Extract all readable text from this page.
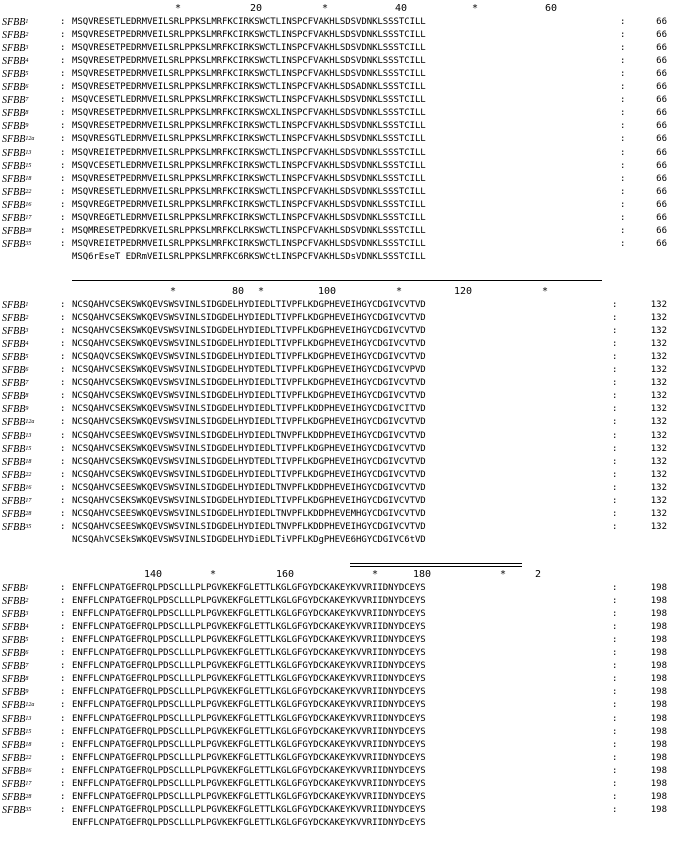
*	20	*	40	*	60
SFBB$^1$	: MSQVRESETLEDRMVEILSRLPPKSLMRFKCIRKSWCTLINSPCFVAKHLSDSVDNKLSSSTCILL	:	66
SFBB$^2$	: MSQVRESETPEDRMVEILSRLPPKSLMRFKCIRKSWCTLINSPCFVAKHLSDSVDNKLSSSTCILL	:	66
SFBB$^3$	: MSQVRESETPEDRMVEILSRLPPKSLMRFKCIRKSWCTLINSPCFVAKHLSDSVDNKLSSSTCILL	:	66
SFBB$^4$	: MSQVRESETPEDRMVEILSRLPPKSLMRFKCIRKSWCTLINSPCFVAKHLSDSVDNKLSSSTCILL	:	66
SFBB$^5$	: MSQVRESETPEDRMVEILSRLPPKSLMRFKCIRKSWCTLINSPCFVAKHLSDSVDNKLSSSTCILL	:	66
SFBB$^6$	: MSQVRESETPEDRMVEILSRLPPKSLMRFKCIRKSWCTLINSPCFVAKHLSDSADNKLSSSTCILL	:	66
SFBB$^7$	: MSQVCESETLEDRMVEILSRLPPKSLMRFKCIRKSWCTLINSPCFVAKHLSDSVDNKLSSSTCILL	:	66
SFBB$^8$	: MSQVRESETPEDRMVEILSRLPPKSLMRFKCIRKSWCXLINSPCFVAKHLSDSVDNKLSSSTCILL	:	66
SFBB$^9$	: MSQVRESETPEDRMVEILSRLPPKSLMRFKCIRKSWCTLINSPCFVAKHLSDSVDNKLSSSTCILL	:	66
$SFBB^{12a}$	: MSQVRESGTLEDRMVEILSRLPPKSLMRFKCIRKSWCTLINSPCFVAKHLSDSVDNKLSSSTCILL	:	66
SFBB$^{13}$	: MSQVREIETPEDRMVEILSRLPPKSLMRFKCIRKSWCTLINSPCFVAKHLSDSVDNKLSSSTCILL	:	66
SFBB$^{15}$	: MSQVCESETLEDRMVEILSRLPPKSLMRFKCIRKSWCTLINSPCFVAKHLSDSVDNKLSSSTCILL	:	66
SFBB$^{18}$	: MSQVRESETPEDRMVEILSRLPPKSLMRFKCIRKSWCTLINSPCFVAKHLSDSVDNKLSSSTCILL	:	66
SFBB$^{22}$	: MSQVRESETLEDRMVEILSRLPPKSLMRFKCIRKSWCTLINSPCFVAKHLSDSVDNKLSSSTCILL	:	66
SFBB$^{16}$	: MSQVREGETPEDRMVEILSRLPPKSLMRFKCIRKSWCTLINSPCFVAKHLSDSVDNKLSSSTCILL	:	66
SFBB$^{17}$	: MSQVREGETLEDRMVEILSRLPPKSLMRFKCIRKSWCTLINSPCFVAKHLSDSVDNKLSSSTCILL	:	66
SFBB$^{28}$	: MSQMRESETPEDRKVEILSRLPPKSLMRFKCLRKSWCTLINSPCFVAKHLSDSVDNKLSSSTCILL	:	66
SFBB$^{35}$	: MSQVREIETPEDRMVEILSRLPPKSLMRFKCIRKSWCTLINSPCFVAKHLSDSVDNKLSSSTCILL	:	66
MSQ6rEseT EDRmVEILSRLPPKSLMRFKC6RKSWCtLINSPCFVAKHLSDsVDNKLSSSTCILL
*	80 *	100	*	120	*
SFBB$^1$	: NCSQAHVCSEKSWKQEVSWSVINLSIDGDELHYDIEDLTIVPFLKDGPHEVEIHGYCDGIVCVTVD	:	132
SFBB$^2$	: NCSQAHVCSEKSWKQEVSWSVINLSIDGDELHYDIEDLTIVPFLKDGPHEVEIHGYCDGIVCVTVD	:	132
SFBB$^3$	: NCSQAHVCSEKSWKQEVSWSVINLSIDGDELHYDIEDLTIVPFLKDGPHEVEIHGYCDGIVCVTVD	:	132
SFBB$^4$	: NCSQAHVCSEKSWKQEVSWSVINLSIDGDELHYDIEDLTIVPFLKDGPHEVEIHGYCDGIVCVTVD	:	132
SFBB$^5$	: NCSQAQVCSEKSWKQEVSWSVINLSIDGDELHYDIEDLTIVPFLKDGPHEVEIHGYCDGIVCVTVD	:	132
SFBB$^6$	: NCSQAHVCSEKSWKQEVSWSVINLSIDGDELHYDTEDLTIVPFLKDGPHEVEIHGYCDGIVCVPVD	:	132
SFBB$^7$	: NCSQAHVCSEKSWKQEVSWSVINLSIDGDELHYDIEDLTIVPFLKDGPHEVEIHGYCDGIVCVTVD	:	132
SFBB$^8$	: NCSQAHVCSEKSWKQEVSWSVINLSIDGDELHYDIEDLTIVPFLKDGPHEVEIHGYCDGIVCVTVD	:	132
SFBB$^9$	: NCSQAHVCSEKSWKQEVSWSVINLSIDGDELHYDIEDLTIVPFLKDDPHEVEIHGYCDGIVCITVD	:	132
$SFBB^{12a}$	: NCSQAHVCSEKSWKQEVSWSVINLSIDGDELHYDIEDLTIVPFLKDGPHEVEIHGYCDGIVCVTVD	:	132
SFBB$^{13}$	: NCSQAHVCSEESWKQEVSWSVINLSIDGDELHYDIEDLTNVPFLKDDPHEVEIHGYCDGIVCVTVD	:	132
SFBB$^{15}$	: NCSQAHVCSEKSWKQEVSWSVINLSIDGDELHYDIEDLTIVPFLKDGPHEVEIHGYCDGIVCVTVD	:	132
SFBB$^{18}$	: NCSQAHVCSEKSWKQEVSWSVINLSIDGDELHYDTEDLTIVPFLKDGPHEVEIHGYCDGIVCVTVD	:	132
SFBB$^{22}$	: NCSQAHVCSEKSWKQEVSWSVINLSIDGDELHYDIEDLTIVPFLKDGPHEVEIHGYCDGIVCVTVD	:	132
SFBB$^{16}$	: NCSQAHVCSEESWKQEVSWSVINLSIDGDELHYDIEDLTNVPFLKDDPHEVEIHGYCDGIVCVTVD	:	132
SFBB$^{17}$	: NCSQAHVCSEKSWKQEVSWSVINLSIDGDELHYDIEDLTIVPFLKDGPHEVEIHGYCDGIVCVTVD	:	132
SFBB$^{28}$	: NCSQAHVCSEESWKQEVSWSVINLSIDGDELHYDIEDLTNVPFLKDDPHEVEMHGYCDGIVCVTVD	:	132
SFBB$^{35}$	: NCSQAHVCSEESWKQEVSWSVINLSIDGDELHYDIEDLTNVPFLKDDPHEVEIHGYCDGIVCVTVD	:	132
NCSQAhVCSEkSWKQEVSWSVINLSIDGDELHYDiEDLTiVPFLKDgPHEVE6HGYCDGIVC6tVD
140	*	160	*	180	*	2
SFBB$^1$	: ENFFLCNPATGEFRQLPDSCLLLPLPGVKEKFGLETTLKGLGFGYDCKAKEYKVVRIIDNYDCEYS	:	198
SFBB$^2$	: ENFFLCNPATGEFRQLPDSCLLLPLPGVKEKFGLETTLKGLGFGYDCKAKEYKVVRIIDNYDCEYS	:	198
SFBB$^3$	: ENFFLCNPATGEFRQLPDSCLLLPLPGVKEKFGLETTLKGLGFGYDCKAKEYKVVRIIDNYDCEYS	:	198
SFBB$^4$	: ENFFLCNPATGEFRQLPDSCLLLPLPGVKEKFGLETTLKGLGFGYDCKAKEYKVVRIIDNYDCEYS	:	198
SFBB$^5$	: ENFFLCNPATGEFRQLPDSCLLLPLPGVKEKFGLETTLKGLGFGYDCKAKEYKVVRIIDNYDCEYS	:	198
SFBB$^6$	: ENFFLCNPATGEFRQLPDSCLLLPLPGVKEKFGLETTLKGLGFGYDCKAKEYKVVRIIDNYDCEYS	:	198
SFBB$^7$	: ENFFLCNPATGEFRQLPDSCLLLPLPGVKEKFGLETTLKGLGFGYDCKAKEYKVVRIIDNYDCEYS	:	198
SFBB$^8$	: ENFFLCNPATGEFRQLPDSCLLLPLPGVKEKFGLETTLKGLGFGYDCKAKEYKVVRIIDNYDCEYS	:	198
SFBB$^9$	: ENFFLCNPATGEFRQLPDSCLLLPLPGVKEKFGLETTLKGLGFGYDCKAKEYKVVRIIDNYDCEYS	:	198
$SFBB^{12a}$	: ENFFLCNPATGEFRQLPDSCLLLPLPGVKEKFGLETTLKGLGFGYDCKAKEYKVVRIIDNYDCEYS	:	198
SFBB$^{13}$	: ENFFLCNPATGEFRQLPDSCLLLPLPGVKEKFGLETTLKGLGFGYDCKAKEYKVVRIIDNYDCEYS	:	198
SFBB$^{15}$	: ENFFLCNPATGEFRQLPDSCLLLPLPGVKEKFGLETTLKGLGFGYDCKAKEYKVVRIIDNYDCEYS	:	198
SFBB$^{18}$	: ENFFLCNPATGEFRQLPDSCLLLPLPGVKEKFGLETTLKGLGFGYDCKAKEYKVVRIIDNYDCEYS	:	198
SFBB$^{22}$	: ENFFLCNPATGEFRQLPDSCLLLPLPGVKEKFGLETTLKGLGFGYDCKAKEYKVVRIIDNYDCEYS	:	198
SFBB$^{16}$	: ENFFLCNPATGEFRQLPDSCLLLPLPGVKEKFGLETTLKGLGFGYDCKAKEYKVVRIIDNYDCEYS	:	198
SFBB$^{17}$	: ENFFLCNPATGEFRQLPDSCLLLPLPGVKEKFGLETTLKGLGFGYDCKAKEYKVVRIIDNYDCEYS	:	198
SFBB$^{28}$	: ENFFLCNPATGEFRQLPDSCLLLPLPGVKEKFGLETTLKGLGFGYDCKAKEYKVVRIIDNYDCEYS	:	198
SFBB$^{35}$	: ENFFLCNPATGEFRQLPDSCLLLPLPGVKEKFGLETTLKGLGFGYDCKAKEYKVVRIIDNYDCEYS	:	198
ENFFLCNPATGEFRQLPDSCLLLPLPGVKEKFGLETTLKGLGFGYDCKAKEYKVVRIIDNYDcEYS
